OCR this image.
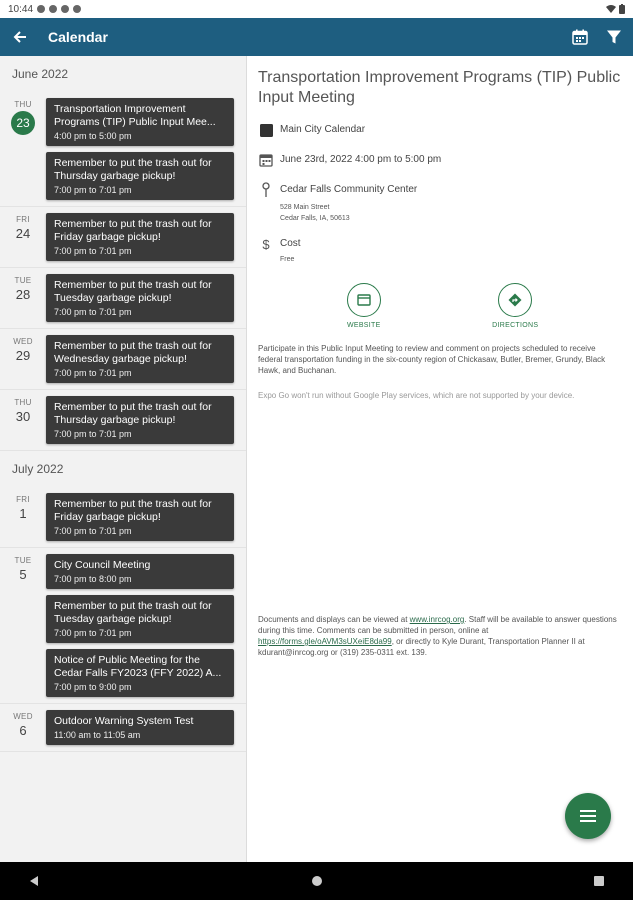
10:44
Calendar
June 2022
THU
23
Transportation Improvement Programs (TIP) Public Input Mee...
4:00 pm to 5:00 pm
Remember to put the trash out for Thursday garbage pickup!
7:00 pm to 7:01 pm
FRI
24
Remember to put the trash out for Friday garbage pickup!
7:00 pm to 7:01 pm
TUE
28
Remember to put the trash out for Tuesday garbage pickup!
7:00 pm to 7:01 pm
WED
29
Remember to put the trash out for Wednesday garbage pickup!
7:00 pm to 7:01 pm
THU
30
Remember to put the trash out for Thursday garbage pickup!
7:00 pm to 7:01 pm
July 2022
FRI
1
Remember to put the trash out for Friday garbage pickup!
7:00 pm to 7:01 pm
TUE
5
City Council Meeting
7:00 pm to 8:00 pm
Remember to put the trash out for Tuesday garbage pickup!
7:00 pm to 7:01 pm
Notice of Public Meeting for the Cedar Falls FY2023 (FFY 2022) A...
7:00 pm to 9:00 pm
WED
6
Outdoor Warning System Test
11:00 am to 11:05 am
Transportation Improvement Programs (TIP) Public Input Meeting
Main City Calendar
June 23rd, 2022 4:00 pm to 5:00 pm
Cedar Falls Community Center
528 Main Street
Cedar Falls, IA, 50613
$ Cost
Free
WEBSITE	DIRECTIONS
Participate in this Public Input Meeting to review and comment on projects scheduled to receive federal transportation funding in the six-county region of Chickasaw, Butler, Bremer, Grundy, Black Hawk, and Buchanan.
Expo Go won't run without Google Play services, which are not supported by your device.
Documents and displays can be viewed at www.inrcog.org. Staff will be available to answer questions during this time. Comments can be submitted in person, online at https://forms.gle/oAVM3sUXeiE8da99, or directly to Kyle Durant, Transportation Planner II at kdurant@inrcog.org or (319) 235-0311 ext. 139.
